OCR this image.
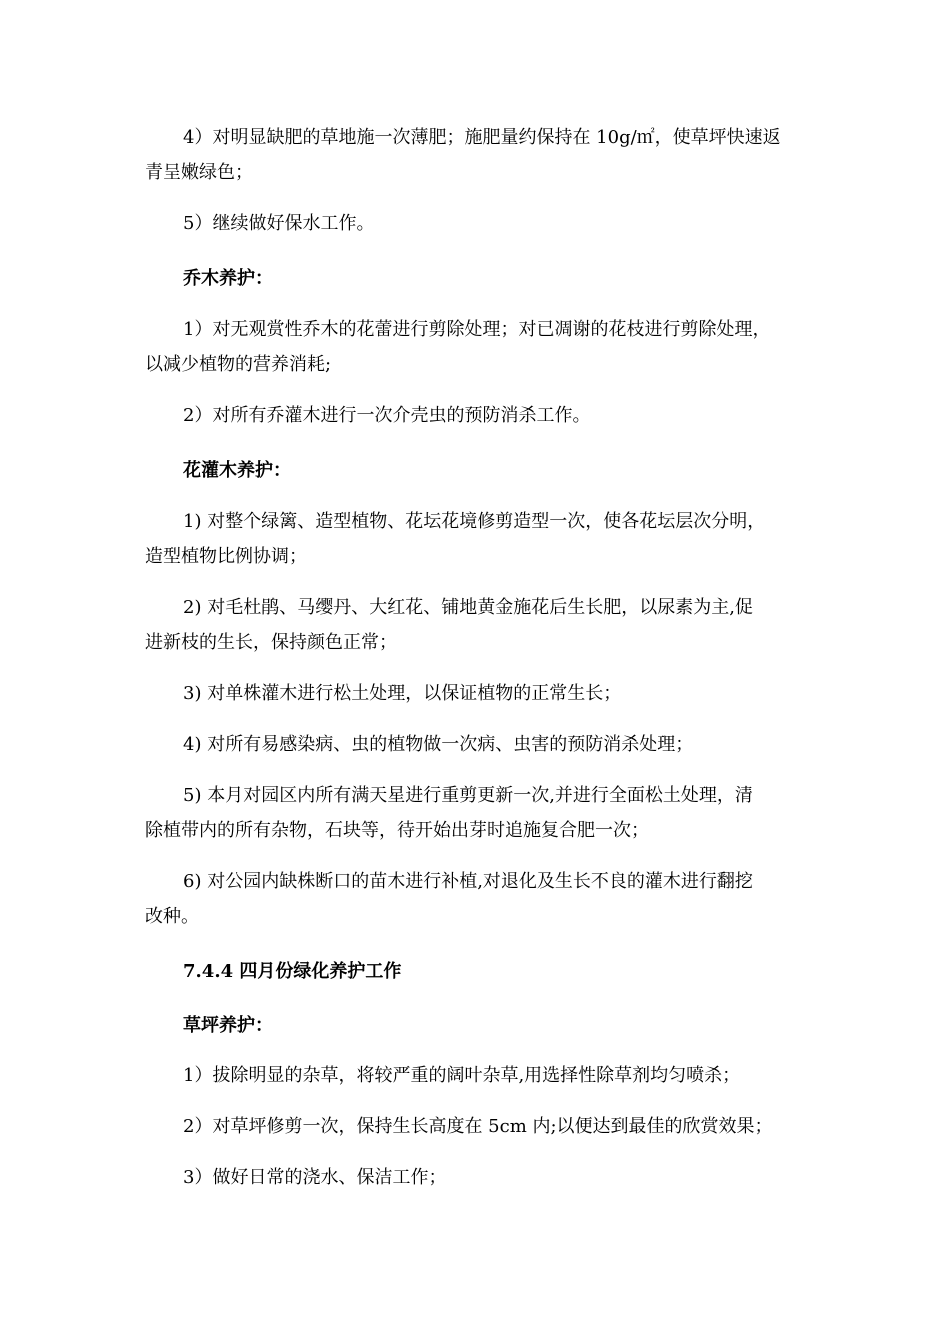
4）对明显缺肥的草地施一次薄肥；施肥量约保持在 10g/㎡，使草坪快速返
青呈嫩绿色；
5）继续做好保水工作。
乔木养护：
1）对无观赏性乔木的花蕾进行剪除处理；对已凋谢的花枝进行剪除处理，
以减少植物的营养消耗;
2）对所有乔灌木进行一次介壳虫的预防消杀工作。
花灌木养护：
1) 对整个绿篱、造型植物、花坛花境修剪造型一次，使各花坛层次分明，
造型植物比例协调；
2) 对毛杜鹃、马缨丹、大红花、铺地黄金施花后生长肥，以尿素为主,促
进新枝的生长，保持颜色正常；
3) 对单株灌木进行松土处理，以保证植物的正常生长；
4) 对所有易感染病、虫的植物做一次病、虫害的预防消杀处理；
5) 本月对园区内所有满天星进行重剪更新一次,并进行全面松土处理，清
除植带内的所有杂物，石块等，待开始出芽时追施复合肥一次；
6) 对公园内缺株断口的苗木进行补植,对退化及生长不良的灌木进行翻挖
改种。
7.4.4 四月份绿化养护工作
草坪养护：
1）拔除明显的杂草，将较严重的阔叶杂草,用选择性除草剂均匀喷杀；
2）对草坪修剪一次，保持生长高度在 5cm 内;以便达到最佳的欣赏效果；
3）做好日常的浇水、保洁工作；
